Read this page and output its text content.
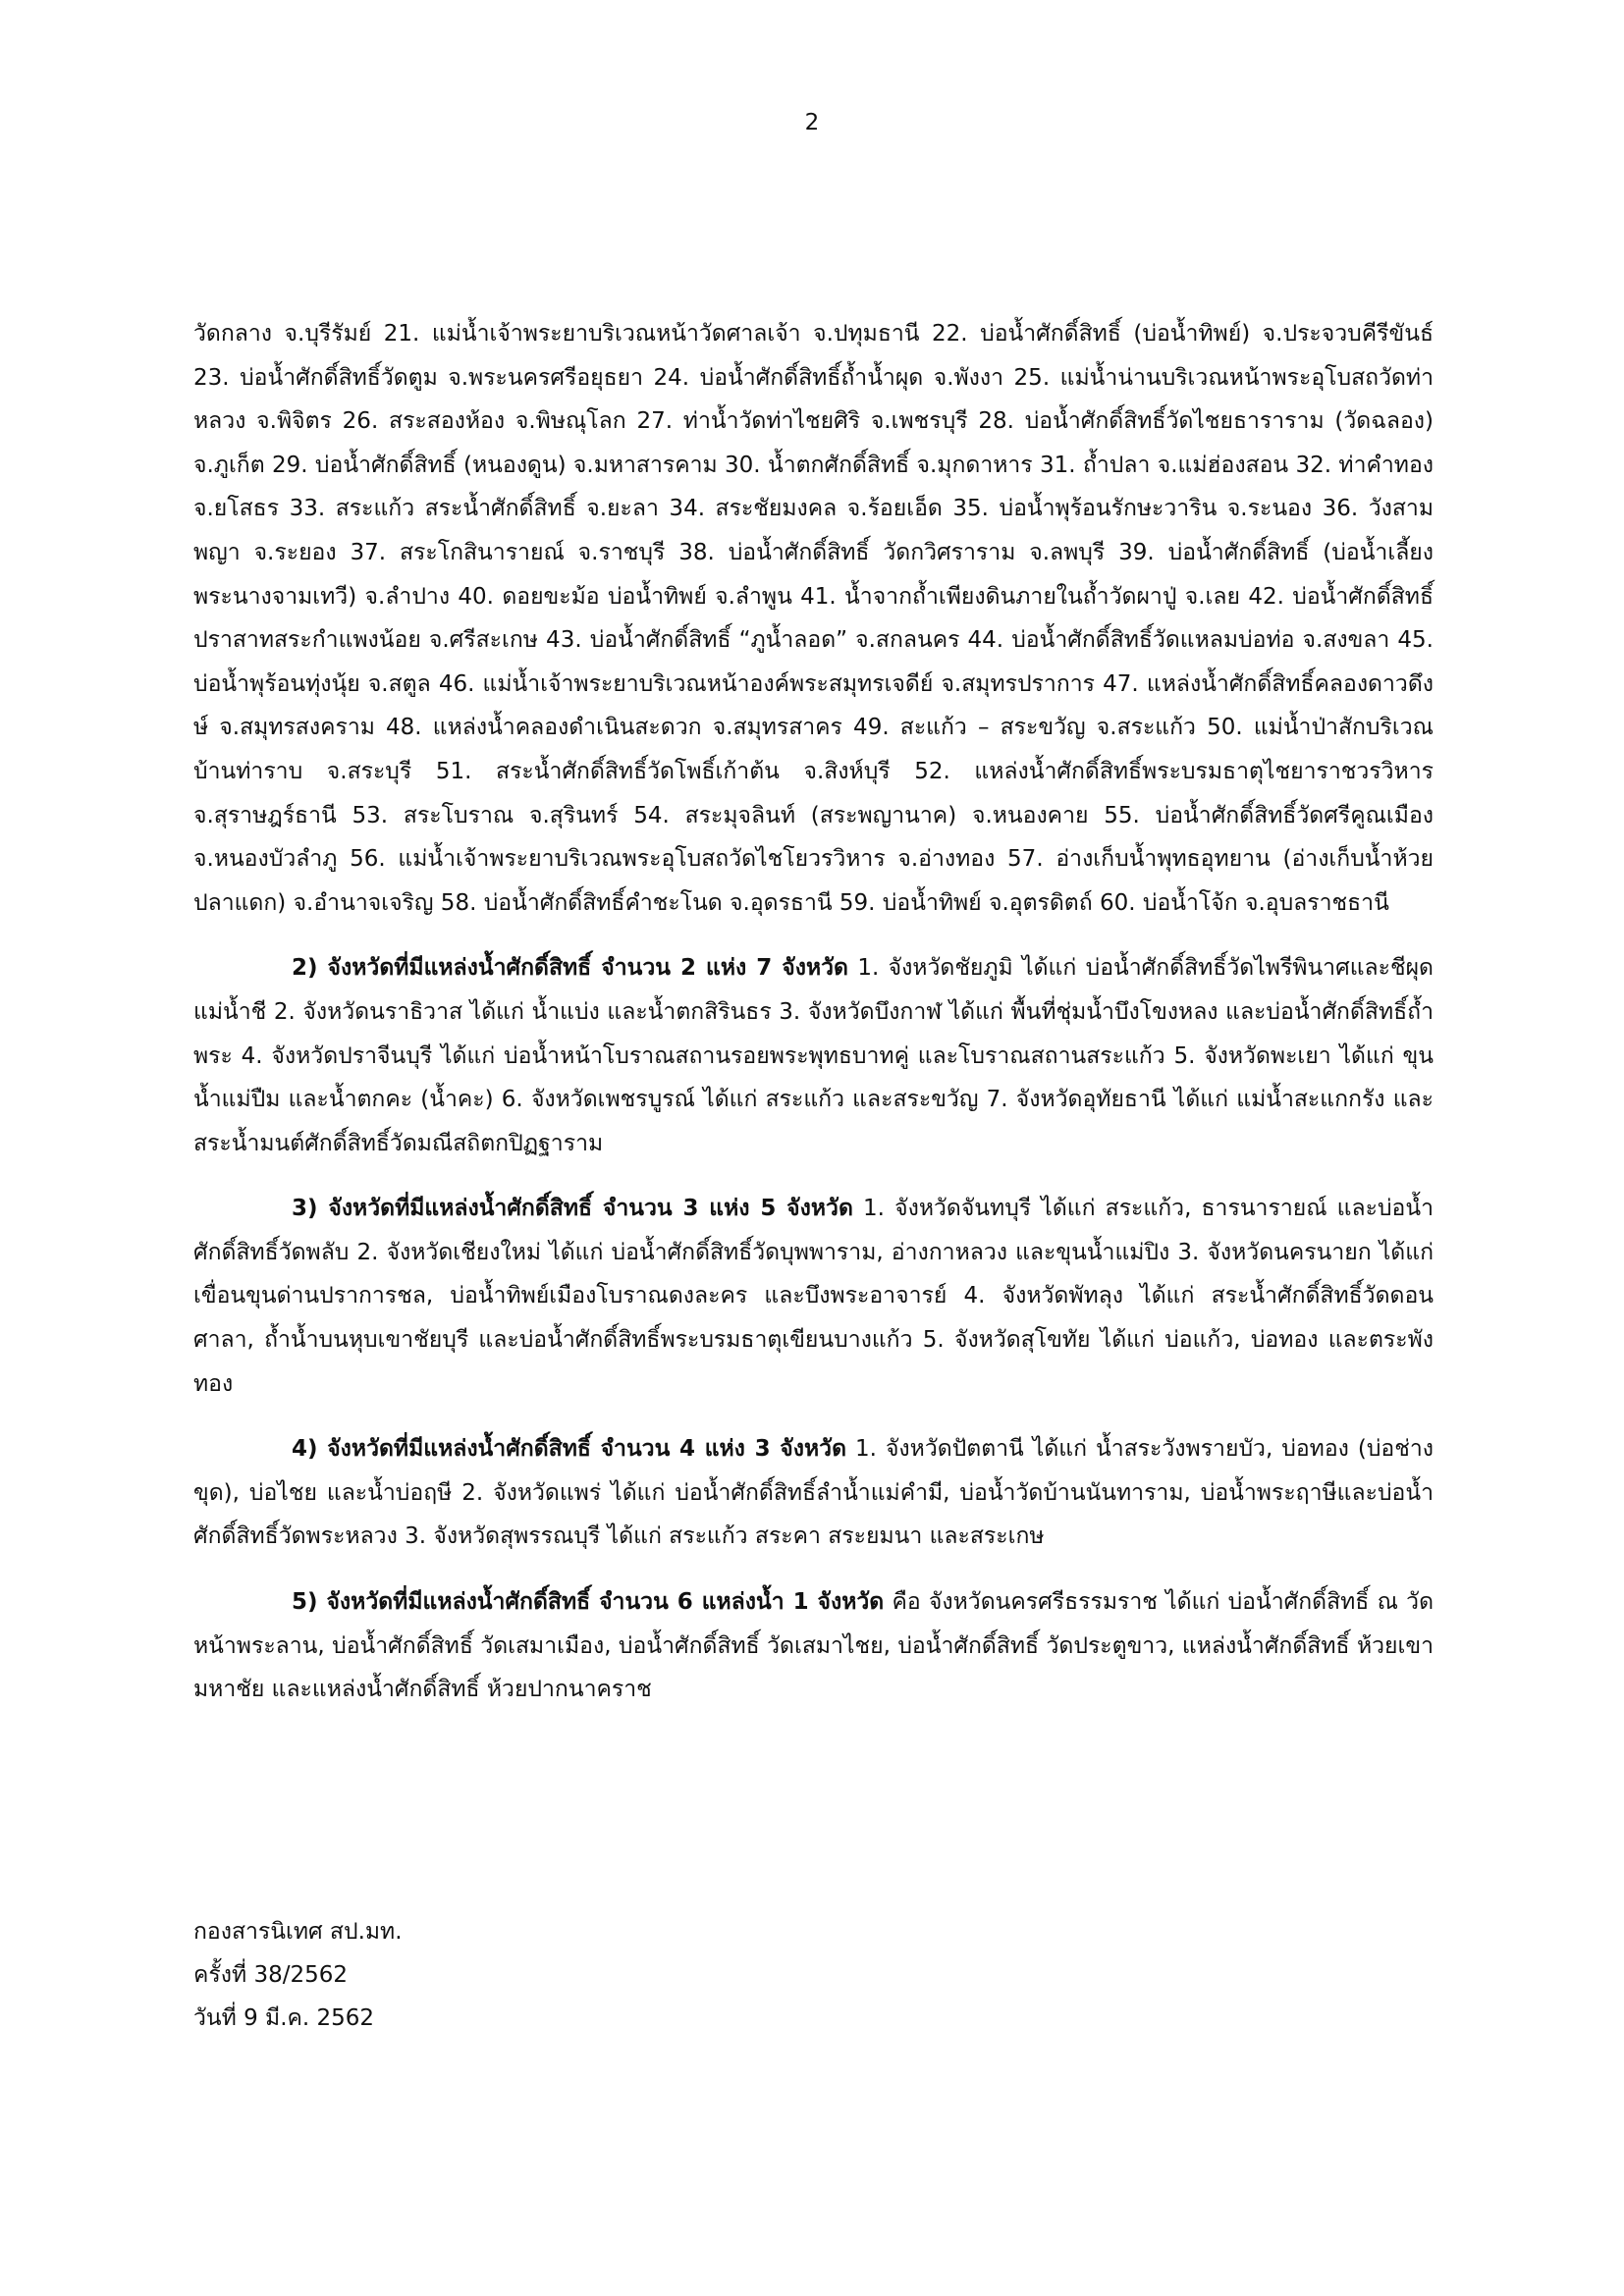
2

วัดกลาง จ.บุรีรัมย์ 21. แม่น้ำเจ้าพระยาบริเวณหน้าวัดศาลเจ้า จ.ปทุมธานี 22. บ่อน้ำศักดิ์สิทธิ์ (บ่อน้ำทิพย์) จ.ประจวบคีรีขันธ์ 23. บ่อน้ำศักดิ์สิทธิ์วัดตูม จ.พระนครศรีอยุธยา 24. บ่อน้ำศักดิ์สิทธิ์ถ้ำน้ำผุด จ.พังงา 25. แม่น้ำน่านบริเวณหน้าพระอุโบสถวัดท่าหลวง จ.พิจิตร 26. สระสองห้อง จ.พิษณุโลก 27. ท่าน้ำวัดท่าไชยศิริ จ.เพชรบุรี 28. บ่อน้ำศักดิ์สิทธิ์วัดไชยธาราราม (วัดฉลอง) จ.ภูเก็ต 29. บ่อน้ำศักดิ์สิทธิ์ (หนองดูน) จ.มหาสารคาม 30. น้ำตกศักดิ์สิทธิ์ จ.มุกดาหาร 31. ถ้ำปลา จ.แม่ฮ่องสอน 32. ท่าคำทอง จ.ยโสธร 33. สระแก้ว สระน้ำศักดิ์สิทธิ์ จ.ยะลา 34. สระชัยมงคล จ.ร้อยเอ็ด 35. บ่อน้ำพุร้อนรักษะวาริน จ.ระนอง 36. วังสามพญา จ.ระยอง 37. สระโกสินารายณ์ จ.ราชบุรี 38. บ่อน้ำศักดิ์สิทธิ์ วัดกวิศราราม จ.ลพบุรี 39. บ่อน้ำศักดิ์สิทธิ์ (บ่อน้ำเลี้ยงพระนางจามเทวี) จ.ลำปาง 40. ดอยขะม้อ บ่อน้ำทิพย์ จ.ลำพูน 41. น้ำจากถ้ำเพียงดินภายในถ้ำวัดผาปู่ จ.เลย 42. บ่อน้ำศักดิ์สิทธิ์ปราสาทสระกำแพงน้อย จ.ศรีสะเกษ 43. บ่อน้ำศักดิ์สิทธิ์ “ภูน้ำลอด” จ.สกลนคร 44. บ่อน้ำศักดิ์สิทธิ์วัดแหลมบ่อท่อ จ.สงขลา 45. บ่อน้ำพุร้อนทุ่งนุ้ย จ.สตูล 46. แม่น้ำเจ้าพระยาบริเวณหน้าองค์พระสมุทรเจดีย์ จ.สมุทรปราการ 47. แหล่งน้ำศักดิ์สิทธิ์คลองดาวดึงษ์ จ.สมุทรสงคราม 48. แหล่งน้ำคลองดำเนินสะดวก จ.สมุทรสาคร 49. สะแก้ว – สระขวัญ จ.สระแก้ว 50. แม่น้ำป่าสักบริเวณบ้านท่าราบ จ.สระบุรี 51. สระน้ำศักดิ์สิทธิ์วัดโพธิ์เก้าต้น จ.สิงห์บุรี 52. แหล่งน้ำศักดิ์สิทธิ์พระบรมธาตุไชยาราชวรวิหาร จ.สุราษฎร์ธานี 53. สระโบราณ จ.สุรินทร์ 54. สระมุจลินท์ (สระพญานาค) จ.หนองคาย 55. บ่อน้ำศักดิ์สิทธิ์วัดศรีคูณเมือง จ.หนองบัวลำภู 56. แม่น้ำเจ้าพระยาบริเวณพระอุโบสถวัดไชโยวรวิหาร จ.อ่างทอง 57. อ่างเก็บน้ำพุทธอุทยาน (อ่างเก็บน้ำห้วยปลาแดก) จ.อำนาจเจริญ 58. บ่อน้ำศักดิ์สิทธิ์คำชะโนด จ.อุดรธานี 59. บ่อน้ำทิพย์ จ.อุตรดิตถ์ 60. บ่อน้ำโจ้ก จ.อุบลราชธานี

2) จังหวัดที่มีแหล่งน้ำศักดิ์สิทธิ์ จำนวน 2 แห่ง 7 จังหวัด 1. จังหวัดชัยภูมิ ได้แก่ บ่อน้ำศักดิ์สิทธิ์วัดไพรีพินาศและชีผุด แม่น้ำชี 2. จังหวัดนราธิวาส ได้แก่ น้ำแบ่ง และน้ำตกสิรินธร 3. จังหวัดบึงกาฬ ได้แก่ พื้นที่ชุ่มน้ำบึงโขงหลง และบ่อน้ำศักดิ์สิทธิ์ถ้ำพระ 4. จังหวัดปราจีนบุรี ได้แก่ บ่อน้ำหน้าโบราณสถานรอยพระพุทธบาทคู่ และโบราณสถานสระแก้ว 5. จังหวัดพะเยา ได้แก่ ขุนน้ำแม่ปืม และน้ำตกคะ (น้ำคะ) 6. จังหวัดเพชรบูรณ์ ได้แก่ สระแก้ว และสระขวัญ 7. จังหวัดอุทัยธานี ได้แก่ แม่น้ำสะแกกรัง และสระน้ำมนต์ศักดิ์สิทธิ์วัดมณีสถิตกปิฏฐาราม

3) จังหวัดที่มีแหล่งน้ำศักดิ์สิทธิ์ จำนวน 3 แห่ง 5 จังหวัด 1. จังหวัดจันทบุรี ได้แก่ สระแก้ว, ธารนารายณ์ และบ่อน้ำศักดิ์สิทธิ์วัดพลับ 2. จังหวัดเชียงใหม่ ได้แก่ บ่อน้ำศักดิ์สิทธิ์วัดบุพพาราม, อ่างกาหลวง และขุนน้ำแม่ปิง 3. จังหวัดนครนายก ได้แก่ เขื่อนขุนด่านปราการชล, บ่อน้ำทิพย์เมืองโบราณดงละคร และบึงพระอาจารย์ 4. จังหวัดพัทลุง ได้แก่ สระน้ำศักดิ์สิทธิ์วัดดอนศาลา, ถ้ำน้ำบนหุบเขาชัยบุรี และบ่อน้ำศักดิ์สิทธิ์พระบรมธาตุเขียนบางแก้ว 5. จังหวัดสุโขทัย ได้แก่ บ่อแก้ว, บ่อทอง และตระพังทอง

4) จังหวัดที่มีแหล่งน้ำศักดิ์สิทธิ์ จำนวน 4 แห่ง 3 จังหวัด 1. จังหวัดปัตตานี ได้แก่ น้ำสระวังพรายบัว, บ่อทอง (บ่อช่างขุด), บ่อไชย และน้ำบ่อฤษี 2. จังหวัดแพร่ ได้แก่ บ่อน้ำศักดิ์สิทธิ์ลำน้ำแม่คำมี, บ่อน้ำวัดบ้านนันทาราม, บ่อน้ำพระฤาษีและบ่อน้ำศักดิ์สิทธิ์วัดพระหลวง 3. จังหวัดสุพรรณบุรี ได้แก่ สระแก้ว สระคา สระยมนา และสระเกษ

5) จังหวัดที่มีแหล่งน้ำศักดิ์สิทธิ์ จำนวน 6 แหล่งน้ำ 1 จังหวัด คือ จังหวัดนครศรีธรรมราช ได้แก่ บ่อน้ำศักดิ์สิทธิ์ ณ วัดหน้าพระลาน, บ่อน้ำศักดิ์สิทธิ์ วัดเสมาเมือง, บ่อน้ำศักดิ์สิทธิ์ วัดเสมาไชย, บ่อน้ำศักดิ์สิทธิ์ วัดประตูขาว, แหล่งน้ำศักดิ์สิทธิ์ ห้วยเขามหาชัย และแหล่งน้ำศักดิ์สิทธิ์ ห้วยปากนาคราช

กองสารนิเทศ สป.มท.
ครั้งที่ 38/2562
วันที่ 9 มี.ค. 2562
